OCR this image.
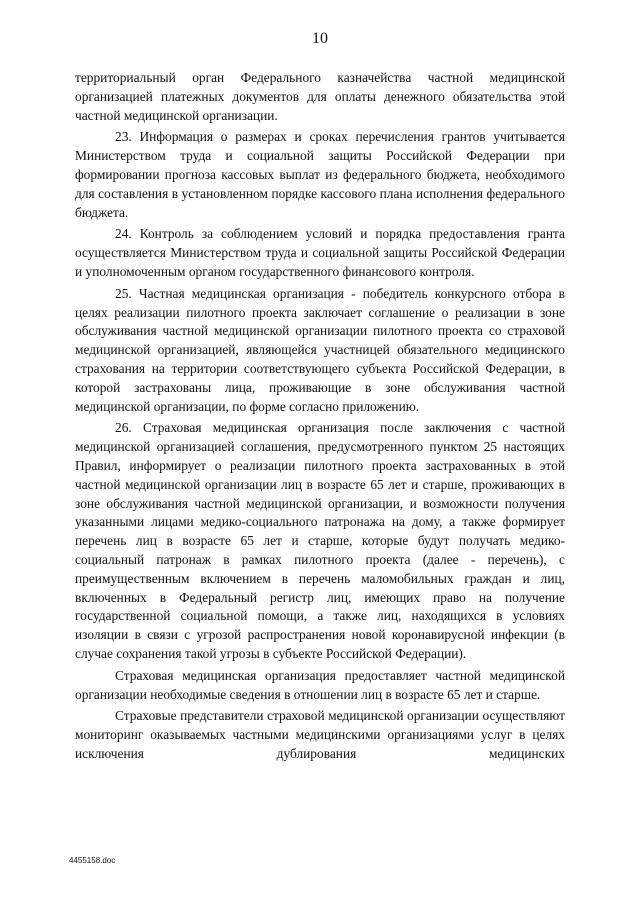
10

территориальный орган Федерального казначейства частной медицинской организацией платежных документов для оплаты денежного обязательства этой частной медицинской организации.

23. Информация о размерах и сроках перечисления грантов учитывается Министерством труда и социальной защиты Российской Федерации при формировании прогноза кассовых выплат из федерального бюджета, необходимого для составления в установленном порядке кассового плана исполнения федерального бюджета.

24. Контроль за соблюдением условий и порядка предоставления гранта осуществляется Министерством труда и социальной защиты Российской Федерации и уполномоченным органом государственного финансового контроля.

25. Частная медицинская организация - победитель конкурсного отбора в целях реализации пилотного проекта заключает соглашение о реализации в зоне обслуживания частной медицинской организации пилотного проекта со страховой медицинской организацией, являющейся участницей обязательного медицинского страхования на территории соответствующего субъекта Российской Федерации, в которой застрахованы лица, проживающие в зоне обслуживания частной медицинской организации, по форме согласно приложению.

26. Страховая медицинская организация после заключения с частной медицинской организацией соглашения, предусмотренного пунктом 25 настоящих Правил, информирует о реализации пилотного проекта застрахованных в этой частной медицинской организации лиц в возрасте 65 лет и старше, проживающих в зоне обслуживания частной медицинской организации, и возможности получения указанными лицами медико-социального патронажа на дому, а также формирует перечень лиц в возрасте 65 лет и старше, которые будут получать медико-социальный патронаж в рамках пилотного проекта (далее - перечень), с преимущественным включением в перечень маломобильных граждан и лиц, включенных в Федеральный регистр лиц, имеющих право на получение государственной социальной помощи, а также лиц, находящихся в условиях изоляции в связи с угрозой распространения новой коронавирусной инфекции (в случае сохранения такой угрозы в субъекте Российской Федерации).

Страховая медицинская организация предоставляет частной медицинской организации необходимые сведения в отношении лиц в возрасте 65 лет и старше.

Страховые представители страховой медицинской организации осуществляют мониторинг оказываемых частными медицинскими организациями услуг в целях исключения дублирования медицинских

4455158.doc
